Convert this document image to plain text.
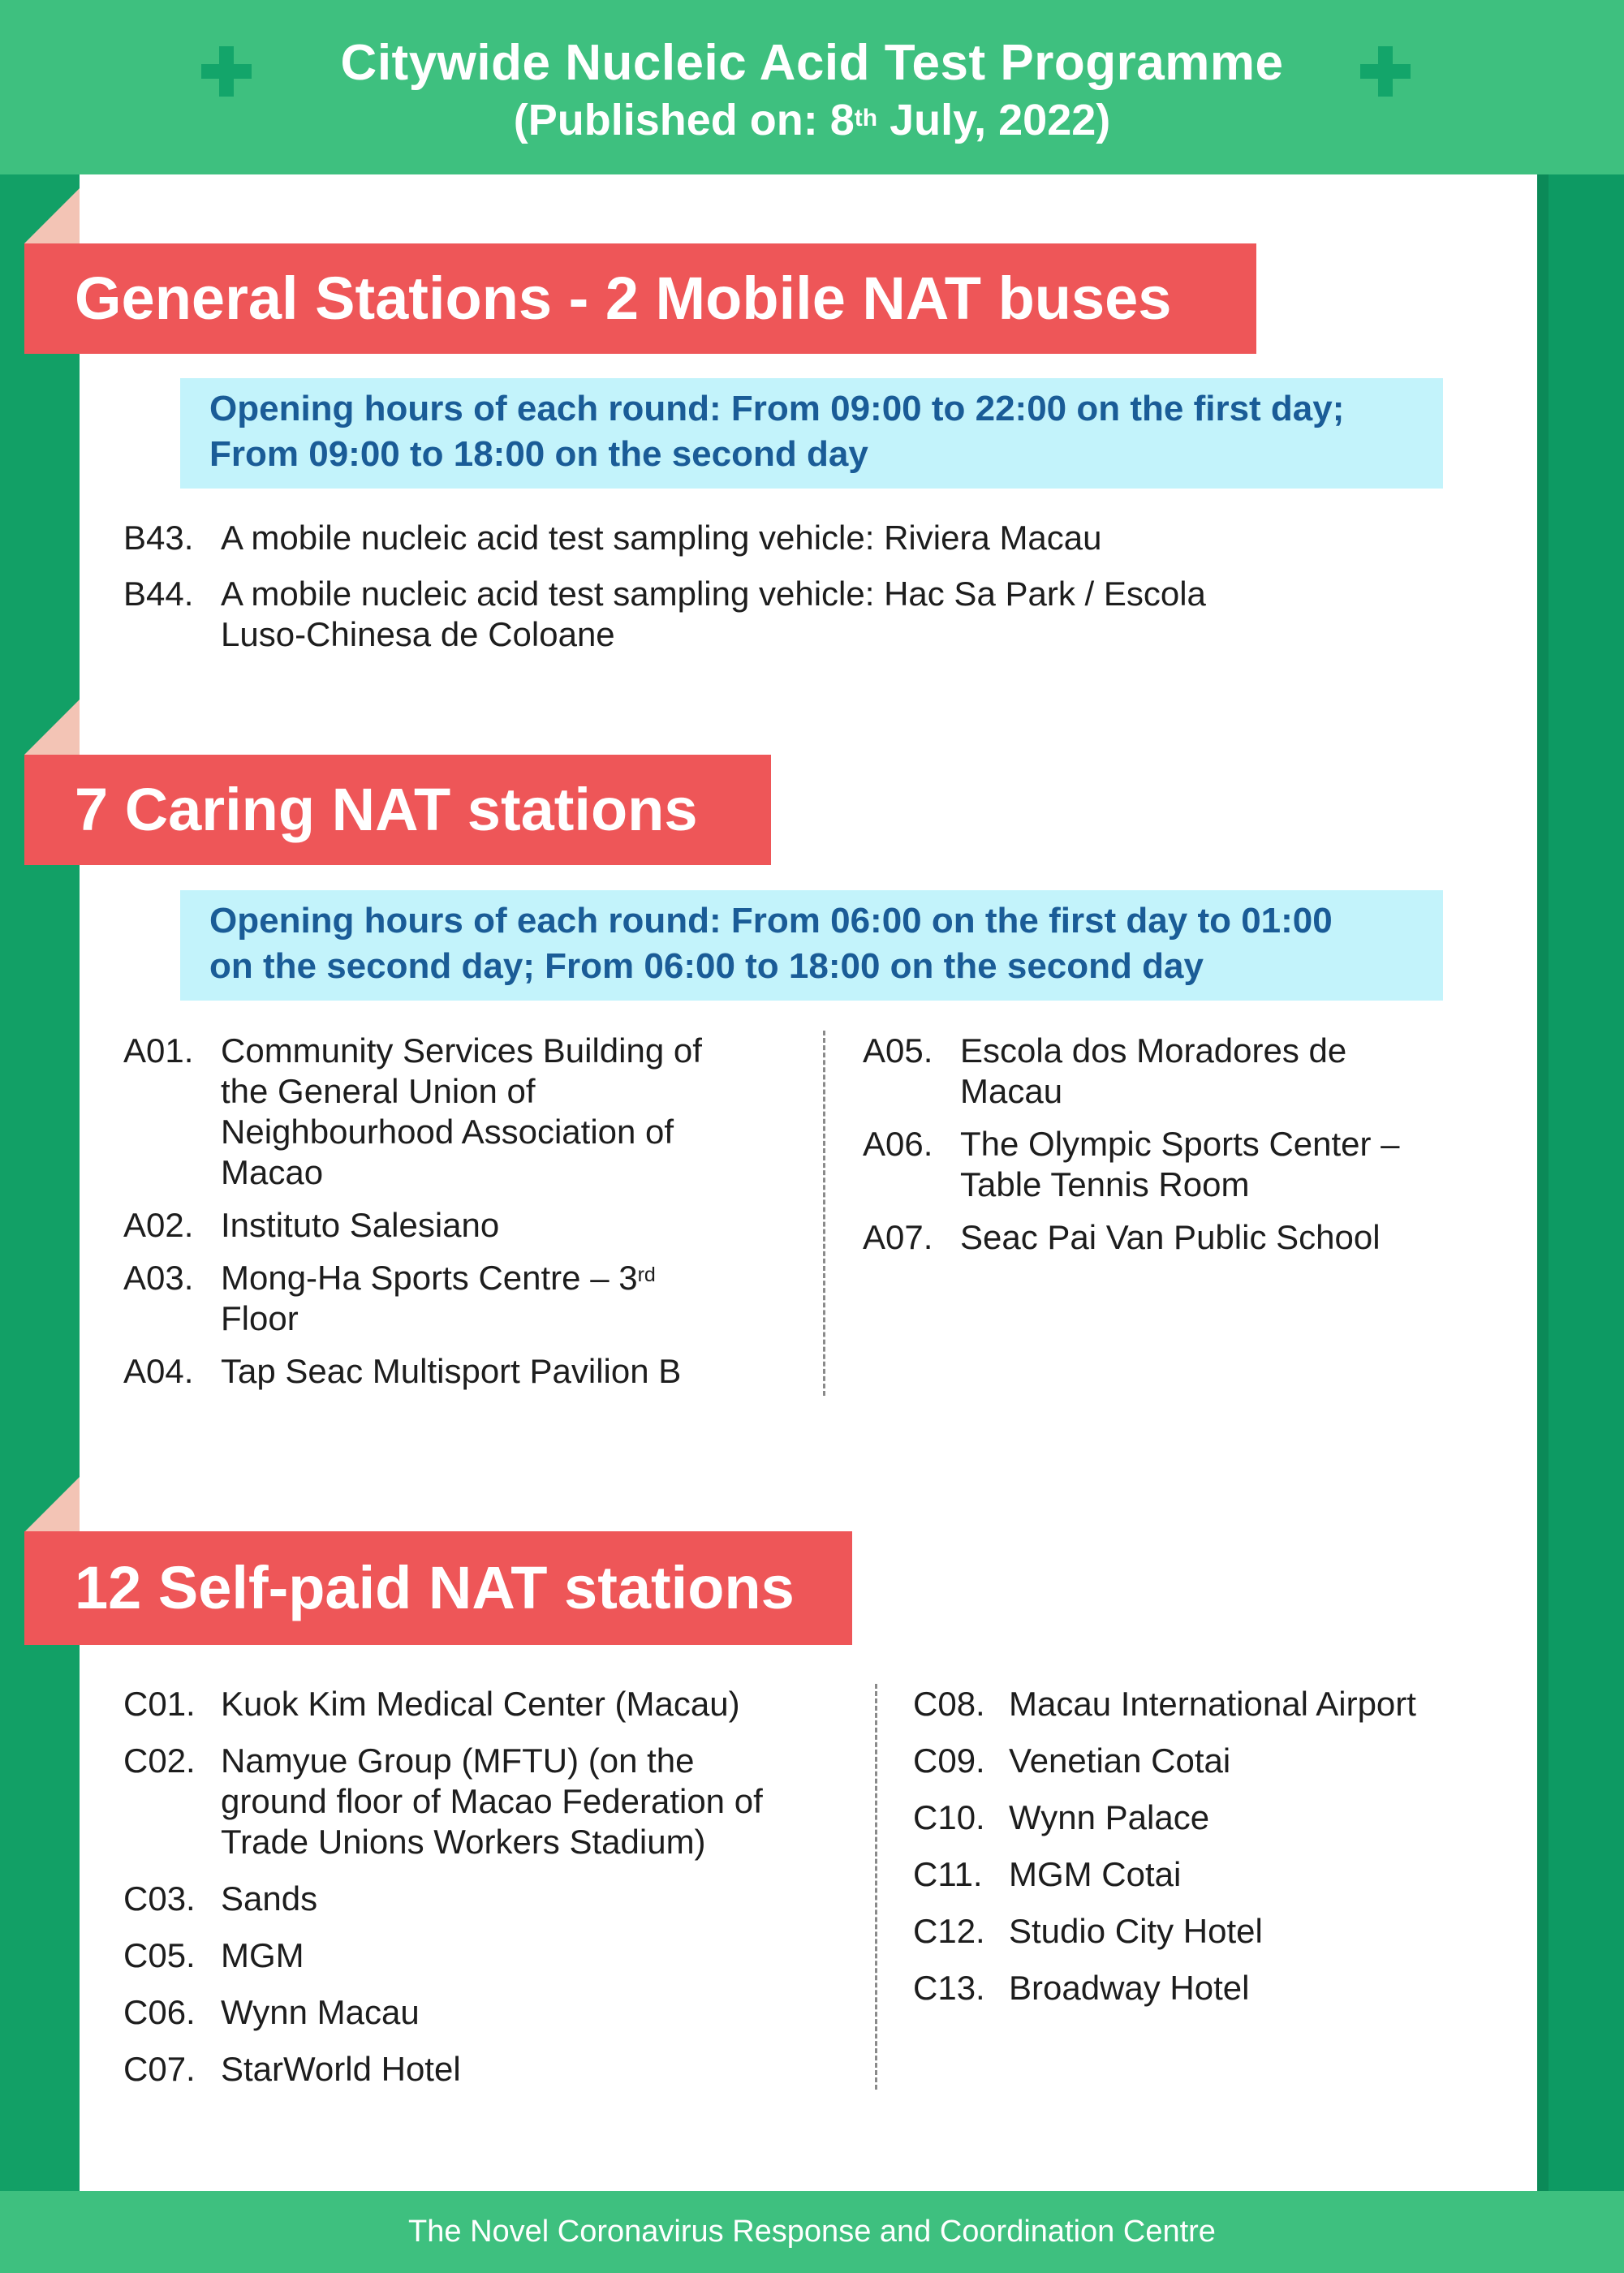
Citywide Nucleic Acid Test Programme
(Published on: 8th July, 2022)
General Stations - 2 Mobile NAT buses
Opening hours of each round: From 09:00 to 22:00 on the first day;
From 09:00 to 18:00 on the second day
B43. A mobile nucleic acid test sampling vehicle: Riviera Macau
B44. A mobile nucleic acid test sampling vehicle: Hac Sa Park / Escola
Luso-Chinesa de Coloane
7 Caring NAT stations
Opening hours of each round: From 06:00 on the first day to 01:00
on the second day; From 06:00 to 18:00 on the second day
A01. Community Services Building of
the General Union of
Neighbourhood Association of
Macao
A02. Instituto Salesiano
A03. Mong-Ha Sports Centre – 3rd
Floor
A04. Tap Seac Multisport Pavilion B
A05. Escola dos Moradores de
Macau
A06. The Olympic Sports Center –
Table Tennis Room
A07. Seac Pai Van Public School
12 Self-paid NAT stations
C01. Kuok Kim Medical Center (Macau)
C02. Namyue Group (MFTU) (on the
ground floor of Macao Federation of
Trade Unions Workers Stadium)
C03. Sands
C05. MGM
C06. Wynn Macau
C07. StarWorld Hotel
C08. Macau International Airport
C09. Venetian Cotai
C10. Wynn Palace
C11. MGM Cotai
C12. Studio City Hotel
C13. Broadway Hotel
The Novel Coronavirus Response and Coordination Centre
